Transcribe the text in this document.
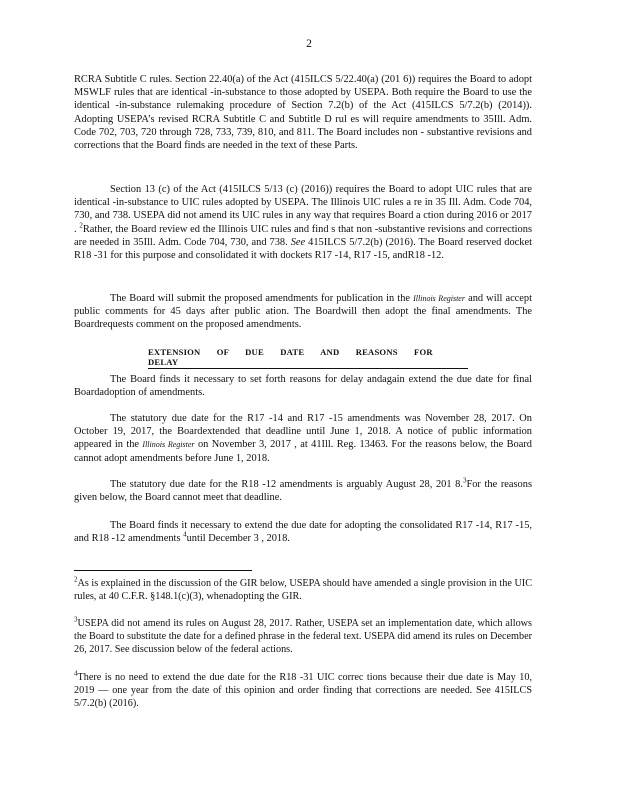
2
RCRA Subtitle C rules. Section 22.40(a) of the Act (415ILCS 5/22.40(a) (201 6)) requires the Board to adopt MSWLF rules that are identical -in-substance to those adopted by USEPA. Both require the Board to use the identical -in-substance rulemaking procedure of Section 7.2(b) of the Act (415ILCS 5/7.2(b) (2014)). Adopting USEPA’s revised RCRA Subtitle C and Subtitle D rul es will require amendments to 35Ill. Adm. Code 702, 703, 720 through 728, 733, 739, 810, and 811. The Board includes non - substantive revisions and corrections that the Board finds are needed in the text of these Parts.
Section 13 (c) of the Act (415ILCS 5/13 (c) (2016)) requires the Board to adopt UIC rules that are identical -in-substance to UIC rules adopted by USEPA. The Illinois UIC rules a re in 35 Ill. Adm. Code 704, 730, and 738. USEPA did not amend its UIC rules in any way that requires Board a ction during 2016 or 2017 . $^2$Rather, the Board review ed the Illinois UIC rules and find s that non -substantive revisions and corrections are needed in 35Ill. Adm. Code 704, 730, and 738. See 415ILCS 5/7.2(b) (2016). The Board reserved docket R18 -31 for this purpose and consolidated it with dockets R17 -14, R17 -15, andR18 -12.
The Board will submit the proposed amendments for publication in the Illinois Register and will accept public comments for 45 days after public ation. The Boardwill then adopt the final amendments. The Boardrequests comment on the proposed amendments.
EXTENSION OF DUE DATE AND REASONS FOR DELAY
The Board finds it necessary to set forth reasons for delay andagain extend the due date for final Boardadoption of amendments.
The statutory due date for the R17 -14 and R17 -15 amendments was November 28, 2017. On October 19, 2017, the Boardextended that deadline until June 1, 2018. A notice of public information appeared in the Illinois Register on November 3, 2017 , at 41Ill. Reg. 13463. For the reasons below, the Board cannot adopt amendments before June 1, 2018.
The statutory due date for the R18 -12 amendments is arguably August 28, 201 8.$^3$For the reasons given below, the Board cannot meet that deadline.
The Board finds it necessary to extend the due date for adopting the consolidated R17 -14, R17 -15, and R18 -12 amendments $^4$until December 3 , 2018.
$^2$As is explained in the discussion of the GIR below, USEPA should have amended a single provision in the UIC rules, at 40 C.F.R. §148.1(c)(3), whenadopting the GIR.
$^3$USEPA did not amend its rules on August 28, 2017. Rather, USEPA set an implementation date, which allows the Board to substitute the date for a defined phrase in the federal text. USEPA did amend its rules on December 26, 2017. See discussion below of the federal actions.
$^4$There is no need to extend the due date for the R18 -31 UIC correc tions because their due date is May 10, 2019 — one year from the date of this opinion and order finding that corrections are needed. See 415ILCS 5/7.2(b) (2016).
